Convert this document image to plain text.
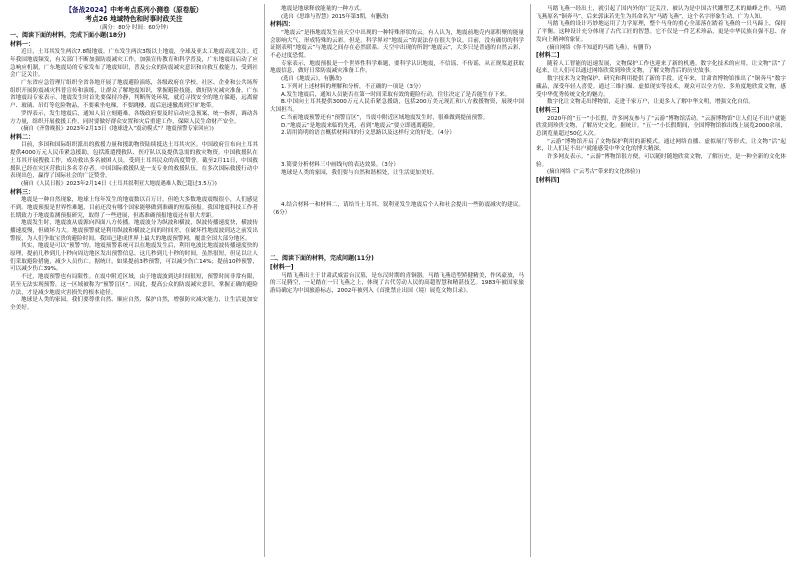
【备战2024】中考考点系列小测卷（原卷版）
考点26 地域特色和时事时政关注
（满分：80分 时间：60分钟）
一、阅读下面的材料，完成下面小题(18分)
材料一：

近日，土耳其发生两次7.8级地震。广东发生两次3级以上地震，全球及亚太工地震高度关注。近年我国地震频发，有关部门不断加强防震减灾工作，加强宣传教育和科学普及，广东地震局启动了应急响应机制，广东地震局的专家发布了地震知识，普及公众的防震减灾意识和自救互救能力，受到社会广泛关注。

广东省应急管理厅组织全省各地开展了地震避险演练，各级政府在学校、社区、企业和公共场所组织开展防震减灾科普宣传和演练，让群众了解地震知识，掌握避险技能，做好防灾减灾准备。广东省地震局专家表示，地震发生时首先要保持冷静，判断所处环境，就近寻找安全的地方躲避，远离窗户、玻璃、吊灯等危险物品，不要乘坐电梯，不要跳楼，震后迅速撤离到空旷地带。

罗焊表示，发生地震后，通知人员立刻避难，各级政府要及时启动应急预案，统一指挥，调动各方力量，组织开展救援工作，同时要做好群众安置和灾后重建工作，保障人民生命财产安全。

(摘自《齐鲁晚报》2023年2月13日《地球进入“震动模式”？地震预警专家回应》)

材料二：

目前，多国和国际组织派出的救援力量和援助物资陆续抵达土耳其灾区。中国政府宣布向土耳其提供4000万元人民币紧急援助，包括派遣搜救队、医疗队以及提供急需的救灾物资。中国救援队在土耳其开展搜救工作，成功救出多名被困人员，受到土耳其民众的高度赞誉。截至2月11日，中国救援队已经在灾区营救出多名幸存者。中国国际救援队是一支专业的救援队伍，在多次国际救援行动中表现出色，赢得了国际社会的广泛赞誉。

(摘自《人民日报》2023年2月14日《土耳其叙利亚大地震遇难人数已超过3.5万》)

材料三：

地震是一种自然现象，地球上每年发生的地震数以百万计，但绝大多数地震震级很小，人们感觉不到。地震预报是世界性难题，目前还没有哪个国家能够做到准确的短临预报。我国地震科技工作者长期致力于地震监测预报研究，取得了一些进展，但离准确预报地震还有很大差距。

地震发生时，地震波从震源向四面八方传播。地震波分为纵波和横波，纵波传播速度快，横波传播速度慢，但破坏力大。地震预警就是利用纵波和横波之间的时间差，在破坏性地震波到达之前发出警报，为人们争取宝贵的避险时间。我国已建成世界上最大的地震预警网，覆盖全国大部分地区。

其实，地震是可以“预警”的。地震预警系统可以在地震发生后，利用电波比地震波传播速度快的原理，提前几秒到几十秒向周边地区发出预警信息。这几秒到几十秒的时间，虽然很短，但足以让人们采取避险措施，减少人员伤亡。据统计，如果提前3秒预警，可以减少伤亡14%；提前10秒预警，可以减少伤亡39%。

不过，地震预警也有局限性。在震中附近区域，由于地震波到达时间很短，预警时间非常有限，甚至无法实现预警，这一区域被称为“预警盲区”。因此，提高公众的防震减灾意识，掌握正确的避险方法，才是减少地震灾害损失的根本途径。

地球是人类的家园，我们要尊重自然、顺应自然、保护自然，增强防灾减灾能力，让生活更加安全美好。

地震是地球释放能量的一种方式。

(选自《思维与智慧》2015年第3期，有删改)

材料四：

“地震云”是指地震发生前天空中出现的一种特殊形状的云。有人认为，地震前地壳内部积聚的能量会影响大气，形成特殊的云彩。但是，科学界对“地震云”的说法存在很大争议。目前，没有确切的科学证据表明“地震云”与地震之间存在必然联系。天空中出现的所谓“地震云”，大多只是普通的自然云彩，不必过度恐慌。

专家表示，地震预报是一个世界性科学难题，要科学认识地震，不信谣、不传谣，从正规渠道获取地震信息，做好日常防震减灾准备工作。

(选自《地震云》，有删改)

1.下列对上述材料的理解和分析，不正确的一项是（3分）

A.发生地震后，通知人员能否在第一时间采取有效的避险行动，往往决定了是否能生存下来。

B.中国向土耳其提供3000万元人民币紧急援助，包括200万美元现汇和八方救援物资，展现中国大国担当。

C.当前地震预警还有“预警盲区”，当震中附近区域地震发生时，很难做到提前预警。

D.“地震云”是地震来临的先兆，看到“地震云”要立即逃离避险。

2.请用简明的语言概括材料四的行文思路以及这样行文的好处。（4分）

3.简要分析材料三中画线句的表达效果。（3分）

地球是人类的家园，我们要与自然和谐相处，让生活更加美好。

4.结合材料一和材料二，请给当土耳其、叙利亚发生地震后个人和社会提出一些防震减灾的建议。（6分）

二、阅读下面的材料，完成问题(11分)
[材料一]

马踏飞燕出土于甘肃武威雷台汉墓，是东汉时期的青铜器。马踏飞燕造型矫健精美，作风豪放，马的三足腾空，一足踏在一只飞燕之上，体现了古代劳动人民的高超智慧和精湛技艺。1983年被国家旅游局确定为中国旅游标志，2002年被列入《首批禁止出国（境）展览文物目录》。

马踏飞燕一经出土，就引起了国内外的广泛关注，被认为是中国古代雕塑艺术的巅峰之作。马踏飞燕原名“铜奔马”，后来郭沫若先生为其命名为“马踏飞燕”，这个名字形象生动，广为人知。

马踏飞燕的设计巧妙地运用了力学原理，整个马身的重心全部落在踏着飞燕的一只马蹄上，保持了平衡。这种设计充分体现了古代工匠的智慧。它不仅是一件艺术珍品，更是中华民族自强不息、奋发向上精神的象征。

(摘自网络《你不知道的马踏飞燕》，有删节)

[材料二]

随着人工智能的迅速发展，文物保护工作也迎来了新的机遇。数字化技术的应用，让文物“活”了起来，让人们可以通过网络欣赏到珍贵文物，了解文物背后的历史故事。

数字技术为文物保护、研究和利用提供了新的手段。近年来，甘肃省博物馆推出了“铜奔马”数字藏品，深受年轻人喜爱。通过三维扫描、虚拟现实等技术，观众可以全方位、多角度地欣赏文物，感受中华优秀传统文化的魅力。

数字化让文物走出博物馆，走进千家万户，让更多人了解中华文明，增强文化自信。

[材料三]

2020年的“五一”小长假，许多网友参与了“云游”博物馆活动。“云游博物馆”让人们足不出户就能欣赏到珍贵文物，了解历史文化。据统计，“五一”小长假期间，全国博物馆推出线上展览2000余项，总浏览量超过50亿人次。

“云游”博物馆开启了文物保护利用的新模式。通过网络直播、虚拟展厅等形式，让文物“活”起来，让人们足不出户就能感受中华文化的博大精深。

许多网友表示，“云游”博物馆很方便，可以随时随地欣赏文物，了解历史，是一种全新的文化体验。

(摘自网络《“云考古”带来的文化体验》)

[材料四]
